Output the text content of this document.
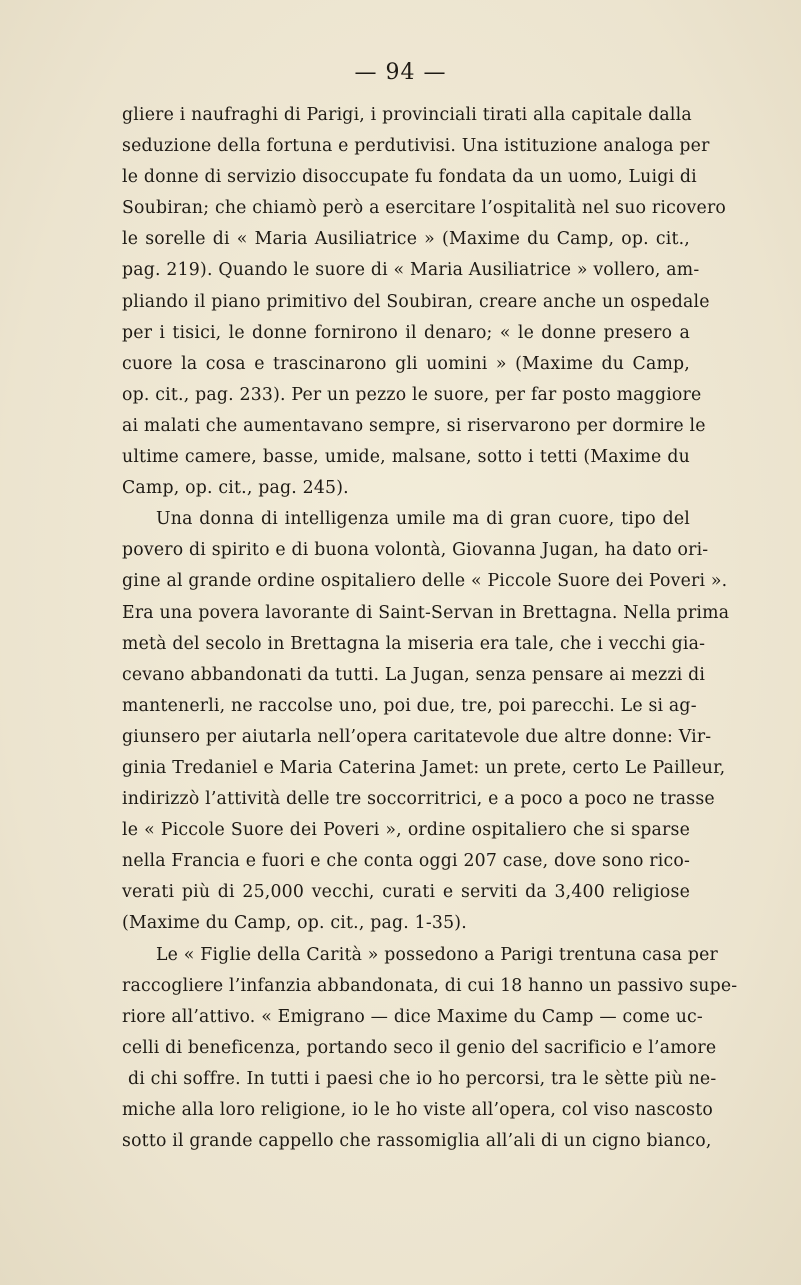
— 94 —
gliere i naufraghi di Parigi, i provinciali tirati alla capitale dalla
seduzione della fortuna e perdutivisi. Una istituzione analoga per
le donne di servizio disoccupate fu fondata da un uomo, Luigi di
Soubiran; che chiamò però a esercitare l’ospitalità nel suo ricovero
le sorelle di « Maria Ausiliatrice » (Maxime du Camp, op. cit.,
pag. 219). Quando le suore di « Maria Ausiliatrice » vollero, am-
pliando il piano primitivo del Soubiran, creare anche un ospedale
per i tisici, le donne fornirono il denaro; « le donne presero a
cuore la cosa e trascinarono gli uomini » (Maxime du Camp,
op. cit., pag. 233). Per un pezzo le suore, per far posto maggiore
ai malati che aumentavano sempre, si riservarono per dormire le
ultime camere, basse, umide, malsane, sotto i tetti (Maxime du
Camp, op. cit., pag. 245).
Una donna di intelligenza umile ma di gran cuore, tipo del
povero di spirito e di buona volontà, Giovanna Jugan, ha dato ori-
gine al grande ordine ospitaliero delle « Piccole Suore dei Poveri ».
Era una povera lavorante di Saint-Servan in Brettagna. Nella prima
metà del secolo in Brettagna la miseria era tale, che i vecchi gia-
cevano abbandonati da tutti. La Jugan, senza pensare ai mezzi di
mantenerli, ne raccolse uno, poi due, tre, poi parecchi. Le si ag-
giunsero per aiutarla nell’opera caritatevole due altre donne: Vir-
ginia Tredaniel e Maria Caterina Jamet: un prete, certo Le Pailleur,
indirizzò l’attività delle tre soccorritrici, e a poco a poco ne trasse
le « Piccole Suore dei Poveri », ordine ospitaliero che si sparse
nella Francia e fuori e che conta oggi 207 case, dove sono rico-
verati più di 25,000 vecchi, curati e serviti da 3,400 religiose
(Maxime du Camp, op. cit., pag. 1-35).
Le « Figlie della Carità » possedono a Parigi trentuna casa per
raccogliere l’infanzia abbandonata, di cui 18 hanno un passivo supe-
riore all’attivo. « Emigrano — dice Maxime du Camp — come uc-
celli di beneficenza, portando seco il genio del sacrificio e l’amore
di chi soffre. In tutti i paesi che io ho percorsi, tra le sètte più ne-
miche alla loro religione, io le ho viste all’opera, col viso nascosto
sotto il grande cappello che rassomiglia all’ali di un cigno bianco,
